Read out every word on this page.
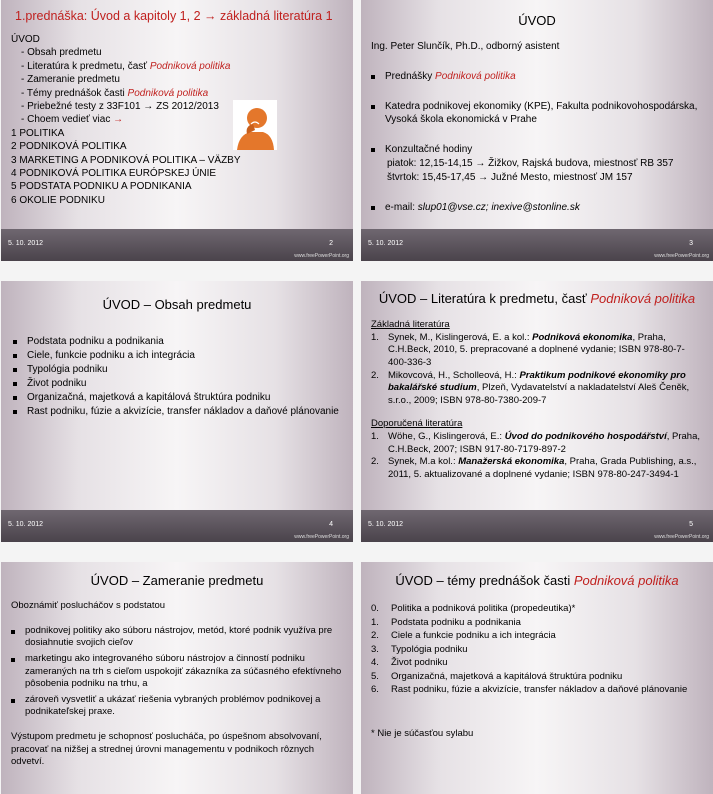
1.prednáška: Úvod a kapitoly 1, 2 → základná literatúra 1
ÚVOD
- Obsah predmetu
- Literatúra k predmetu, časť Podniková politika
- Zameranie predmetu
- Témy prednášok časti Podniková politika
- Priebežné testy z 33F101 → ZS 2012/2013
- Choem vedieť viac →
1 POLITIKA
2 PODNIKOVÁ POLITIKA
3 MARKETING A PODNIKOVÁ POLITIKA – VÄZBY
4 PODNIKOVÁ POLITIKA EURÓPSKEJ ÚNIE
5 PODSTATA PODNIKU A PODNIKANIA
6 OKOLIE PODNIKU
5. 10. 2012	2
www.freePowerPoint.org
ÚVOD
Ing. Peter Slunčík, Ph.D., odborný asistent
Prednášky Podniková politika
Katedra podnikovej ekonomiky (KPE), Fakulta podnikovohospodárska, Vysoká škola ekonomická v Prahe
Konzultačné hodiny
piatok: 12,15-14,15 → Žižkov, Rajská budova, miestnosť RB 357
štvrtok: 15,45-17,45 → Južné Mesto, miestnosť JM 157
e-mail: slup01@vse.cz; inexive@stonline.sk
5. 10. 2012	3
www.freePowerPoint.org
ÚVOD – Obsah predmetu
Podstata podniku a podnikania
Ciele, funkcie podniku a ich integrácia
Typológia podniku
Život podniku
Organizačná, majetková a kapitálová štruktúra podniku
Rast podniku, fúzie a akvizície, transfer nákladov a daňové plánovanie
5. 10. 2012	4
www.freePowerPoint.org
ÚVOD – Literatúra k predmetu, časť Podniková politika
Základná literatúra
1. Synek, M., Kislingerová, E. a kol.: Podniková ekonomika, Praha, C.H.Beck, 2010, 5. prepracované a doplnené vydanie; ISBN 978-80-7-400-336-3
2. Mikovcová, H., Scholleová, H.: Praktikum podnikové ekonomiky pro bakalářské studium, Plzeň, Vydavatelství a nakladatelství Aleš Čeněk, s.r.o., 2009; ISBN 978-80-7380-209-7
Doporučená literatúra
1. Wöhe, G., Kislingerová, E.: Úvod do podnikového hospodářství, Praha, C.H.Beck, 2007; ISBN 917-80-7179-897-2
2. Synek, M.a kol.: Manažerská ekonomika, Praha, Grada Publishing, a.s., 2011, 5. aktualizované a doplnené vydanie; ISBN 978-80-247-3494-1
5. 10. 2012	5
www.freePowerPoint.org
ÚVOD – Zameranie predmetu
Oboznámiť poslucháčov s podstatou
podnikovej politiky ako súboru nástrojov, metód, ktoré podnik využíva pre dosiahnutie svojich cieľov
marketingu ako integrovaného súboru nástrojov a činností podniku zameraných na trh s cieľom uspokojiť zákazníka za súčasného efektívneho pôsobenia podniku na trhu, a
zároveň vysvetliť a ukázať riešenia vybraných problémov podnikovej a podnikateľskej praxe.
Výstupom predmetu je schopnosť poslucháča, po úspešnom absolvovaní, pracovať na nižšej a strednej úrovni managementu v podnikoch rôznych odvetví.
ÚVOD – témy prednášok časti Podniková politika
0. Politika a podniková politika (propedeutika)*
1. Podstata podniku a podnikania
2. Ciele a funkcie podniku a ich integrácia
3. Typológia podniku
4. Život podniku
5. Organizačná, majetková a kapitálová štruktúra podniku
6. Rast podniku, fúzie a akvizície, transfer nákladov a daňové plánovanie
* Nie je súčasťou sylabu
